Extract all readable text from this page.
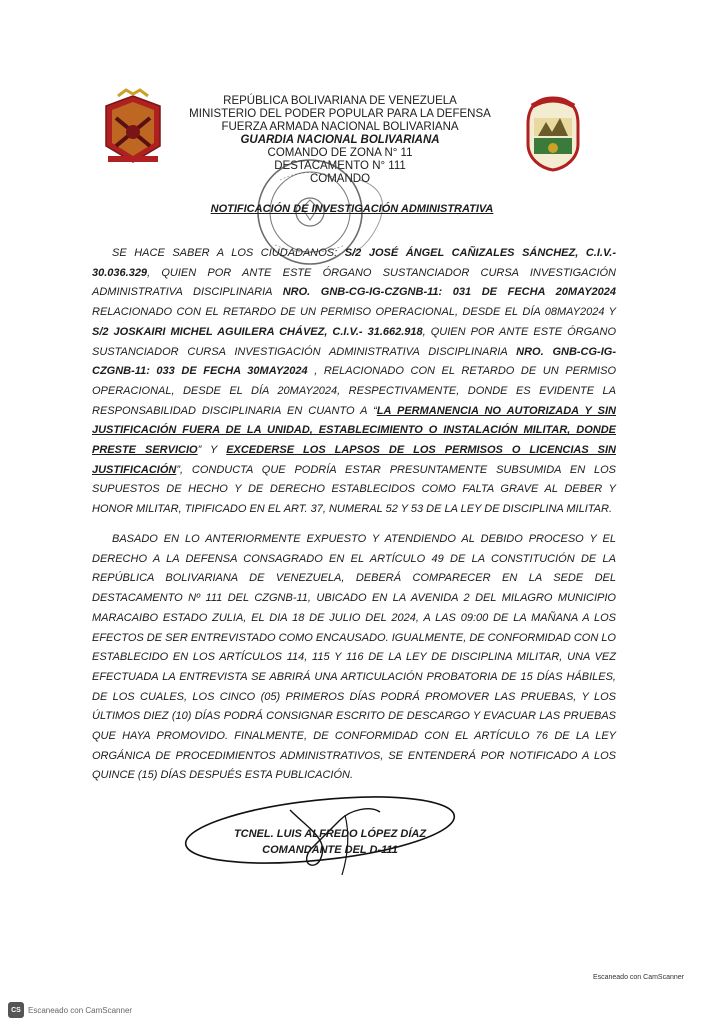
REPÚBLICA BOLIVARIANA DE VENEZUELA
MINISTERIO DEL PODER POPULAR PARA LA DEFENSA
FUERZA ARMADA NACIONAL BOLIVARIANA
GUARDIA NACIONAL BOLIVARIANA
COMANDO DE ZONA N° 11
DESTACAMENTO N° 111
COMANDO
NOTIFICACIÓN DE INVESTIGACIÓN ADMINISTRATIVA
SE HACE SABER A LOS CIUDADANOS: S/2 JOSÉ ÁNGEL CAÑIZALES SÁNCHEZ, C.I.V.- 30.036.329, QUIEN POR ANTE ESTE ÓRGANO SUSTANCIADOR CURSA INVESTIGACIÓN ADMINISTRATIVA DISCIPLINARIA NRO. GNB-CG-IG-CZGNB-11: 031 DE FECHA 20MAY2024 RELACIONADO CON EL RETARDO DE UN PERMISO OPERACIONAL, DESDE EL DÍA 08MAY2024 Y S/2 JOSKAIRI MICHEL AGUILERA CHÁVEZ, C.I.V.- 31.662.918, QUIEN POR ANTE ESTE ÓRGANO SUSTANCIADOR CURSA INVESTIGACIÓN ADMINISTRATIVA DISCIPLINARIA NRO. GNB-CG-IG-CZGNB-11: 033 DE FECHA 30MAY2024 , RELACIONADO CON EL RETARDO DE UN PERMISO OPERACIONAL, DESDE EL DÍA 20MAY2024, RESPECTIVAMENTE, DONDE ES EVIDENTE LA RESPONSABILIDAD DISCIPLINARIA EN CUANTO A “LA PERMANENCIA NO AUTORIZADA Y SIN JUSTIFICACIÓN FUERA DE LA UNIDAD, ESTABLECIMIENTO O INSTALACIÓN MILITAR, DONDE PRESTE SERVICIO” Y EXCEDERSE LOS LAPSOS DE LOS PERMISOS O LICENCIAS SIN JUSTIFICACIÓN”, CONDUCTA QUE PODRÍA ESTAR PRESUNTAMENTE SUBSUMIDA EN LOS SUPUESTOS DE HECHO Y DE DERECHO ESTABLECIDOS COMO FALTA GRAVE AL DEBER Y HONOR MILITAR, TIPIFICADO EN EL ART. 37, NUMERAL 52 Y 53 DE LA LEY DE DISCIPLINA MILITAR.
BASADO EN LO ANTERIORMENTE EXPUESTO Y ATENDIENDO AL DEBIDO PROCESO Y EL DERECHO A LA DEFENSA CONSAGRADO EN EL ARTÍCULO 49 DE LA CONSTITUCIÓN DE LA REPÚBLICA BOLIVARIANA DE VENEZUELA, DEBERÁ COMPARECER EN LA SEDE DEL DESTACAMENTO Nº 111 DEL CZGNB-11, UBICADO EN LA AVENIDA 2 DEL MILAGRO MUNICIPIO MARACAIBO ESTADO ZULIA, EL DIA 18 DE JULIO DEL 2024, A LAS 09:00 DE LA MAÑANA A LOS EFECTOS DE SER ENTREVISTADO COMO ENCAUSADO. IGUALMENTE, DE CONFORMIDAD CON LO ESTABLECIDO EN LOS ARTÍCULOS 114, 115 Y 116 DE LA LEY DE DISCIPLINA MILITAR, UNA VEZ EFECTUADA LA ENTREVISTA SE ABRIRÁ UNA ARTICULACIÓN PROBATORIA DE 15 DÍAS HÁBILES, DE LOS CUALES, LOS CINCO (05) PRIMEROS DÍAS PODRÁ PROMOVER LAS PRUEBAS, Y LOS ÚLTIMOS DIEZ (10) DÍAS PODRÁ CONSIGNAR ESCRITO DE DESCARGO Y EVACUAR LAS PRUEBAS QUE HAYA PROMOVIDO. FINALMENTE, DE CONFORMIDAD CON EL ARTÍCULO 76 DE LA LEY ORGÁNICA DE PROCEDIMIENTOS ADMINISTRATIVOS, SE ENTENDERÁ POR NOTIFICADO A LOS QUINCE (15) DÍAS DESPUÉS ESTA PUBLICACIÓN.
TCNEL. LUIS ALFREDO LÓPEZ DÍAZ
COMANDANTE DEL D-111
Escaneado con CamScanner
CS Escaneado con CamScanner
